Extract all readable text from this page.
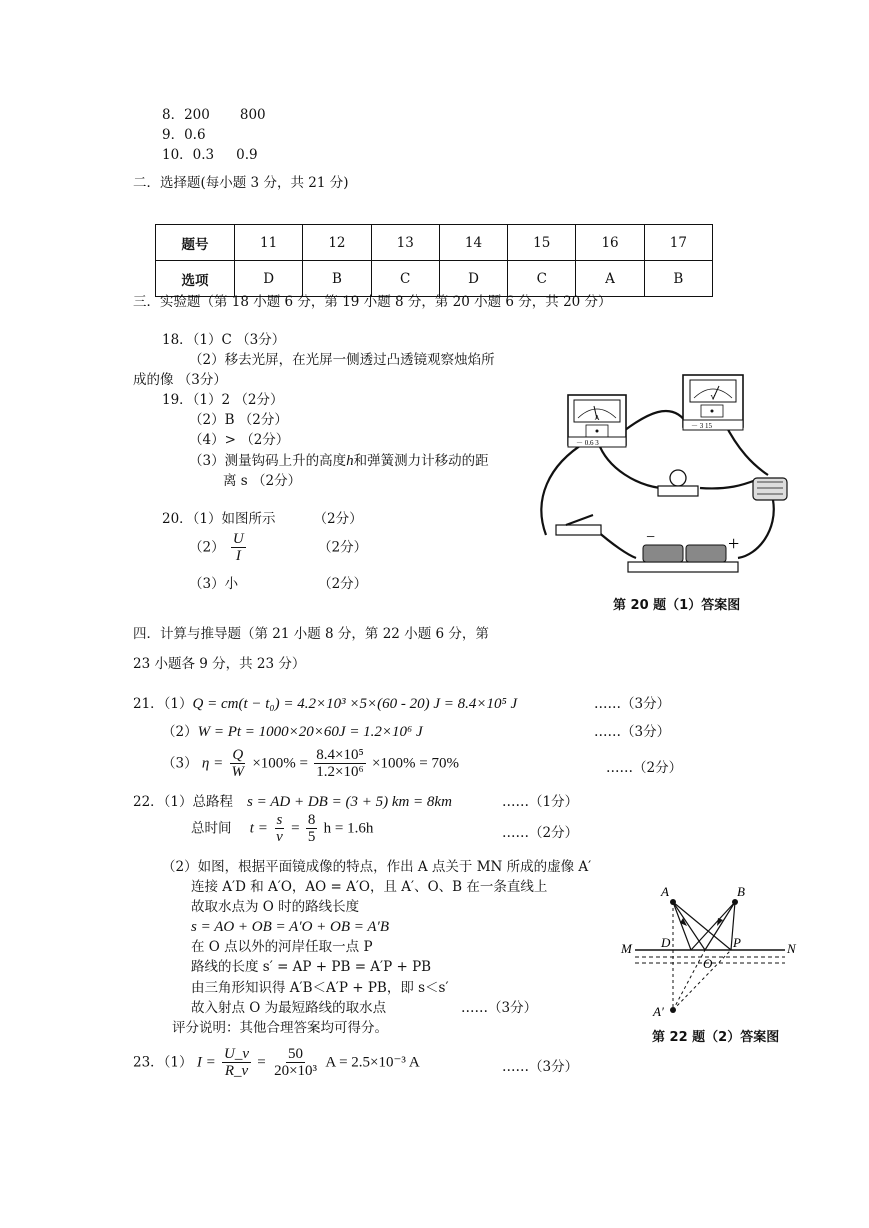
8．200 800
9．0.6
10．0.3 0.9
二．选择题(每小题 3 分，共 21 分)
题号	11	12	13	14	15	16	17
选项	D	B	C	D	C	A	B
三．实验题（第 18 小题 6 分，第 19 小题 8 分，第 20 小题 6 分，共 20 分）
18．（1）C （3分）
（2）移去光屏，在光屏一侧透过凸透镜观察烛焰所
成的像 （3分）
19．（1）2 （2分）
（2）B （2分）
（4）> （2分）
（3）测量钩码上升的高度h和弹簧测力计移动的距
离 s （2分）
20．（1）如图所示	（2分）
$(2) \frac{U}{I}$	（2分）
（3）小	（2分）
A
－ 0.6 3
V
－ 3 15
−	+
第 20 题（1）答案图
四．计算与推导题（第 21 小题 8 分，第 22 小题 6 分，第
23 小题各 9 分，共 23 分）
21．（1）Q = cm(t − t₀) = 4.2×10³ ×5×(60 - 20) J = 8.4×10⁵ J	……（3分）
（2）W = Pt = 1000×20×60J = 1.2×10⁶ J	……（3分）
（3） $\eta = \frac{Q}{W} \times 100\% = \frac{\text{8.4×10⁵}}{\text{1.2×10⁶}} \times 100\% = 70\%$	……（2分）
22．（1）总路程 s = AD + DB = (3 + 5) km = 8km	……（1分）
总时间 $t = \frac{s}{v} = \frac{8}{5}$ h = 1.6h	……（2分）
（2）如图，根据平面镜成像的特点，作出 A 点关于 MN 所成的虚像 A′
连接 A′D 和 A′O，AO = A′O，且 A′、O、B 在一条直线上
故取水点为 O 时的路线长度
s = AO + OB = A′O + OB = A′B
在 O 点以外的河岸任取一点 P
路线的长度 s′ = AP + PB = A′P + PB
由三角形知识得 A′B＜A′P + PB，即 s＜s′
故入射点 O 为最短路线的取水点	……（3分）
评分说明：其他合理答案均可得分。
A	B
M	N
D
O
P
A′
第 22 题（2）答案图
23．（1） $I = \frac{U\_v}{R\_v} = \frac{50}{\text{20×10³}}$ A = 2.5×10⁻³ A	……（3分）
